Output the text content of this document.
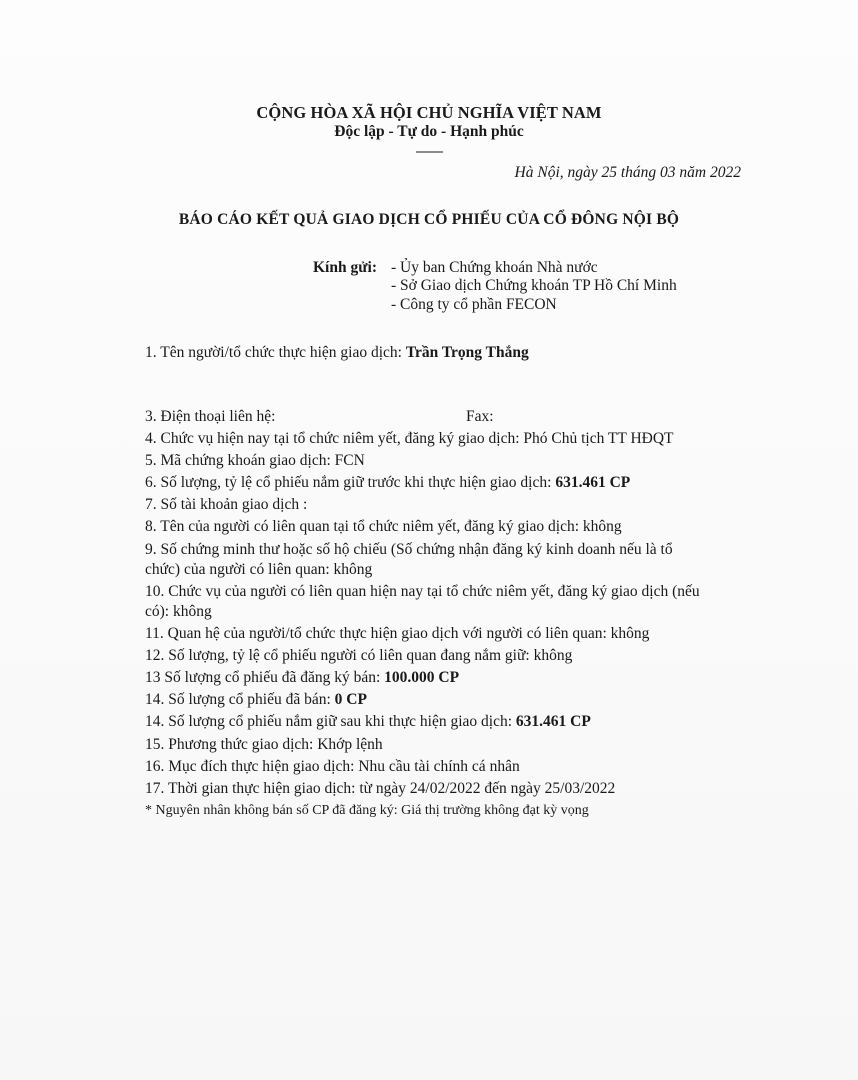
CỘNG HÒA XÃ HỘI CHỦ NGHĨA VIỆT NAM
Độc lập - Tự do - Hạnh phúc
---------
Hà Nội, ngày 25 tháng 03 năm 2022
BÁO CÁO KẾT QUẢ GIAO DỊCH CỔ PHIẾU CỦA CỔ ĐÔNG NỘI BỘ
Kính gửi: - Ủy ban Chứng khoán Nhà nước
- Sở Giao dịch Chứng khoán TP Hồ Chí Minh
- Công ty cổ phần FECON
1. Tên người/tổ chức thực hiện giao dịch: Trần Trọng Thắng
3. Điện thoại liên hệ:	Fax:
4. Chức vụ hiện nay tại tổ chức niêm yết, đăng ký giao dịch: Phó Chủ tịch TT HĐQT
5. Mã chứng khoán giao dịch: FCN
6. Số lượng, tỷ lệ cổ phiếu nắm giữ trước khi thực hiện giao dịch: 631.461 CP
7. Số tài khoản giao dịch :
8. Tên của người có liên quan tại tổ chức niêm yết, đăng ký giao dịch: không
9. Số chứng minh thư hoặc số hộ chiếu (Số chứng nhận đăng ký kinh doanh nếu là tổ
chức) của người có liên quan: không
10. Chức vụ của người có liên quan hiện nay tại tổ chức niêm yết, đăng ký giao dịch (nếu
có): không
11. Quan hệ của người/tổ chức thực hiện giao dịch với người có liên quan: không
12. Số lượng, tỷ lệ cổ phiếu người có liên quan đang nắm giữ: không
13 Số lượng cổ phiếu đã đăng ký bán: 100.000 CP
14. Số lượng cổ phiếu đã bán: 0 CP
14. Số lượng cổ phiếu nắm giữ sau khi thực hiện giao dịch: 631.461 CP
15. Phương thức giao dịch: Khớp lệnh
16. Mục đích thực hiện giao dịch: Nhu cầu tài chính cá nhân
17. Thời gian thực hiện giao dịch: từ ngày 24/02/2022 đến ngày 25/03/2022
* Nguyên nhân không bán số CP đã đăng ký: Giá thị trường không đạt kỳ vọng
